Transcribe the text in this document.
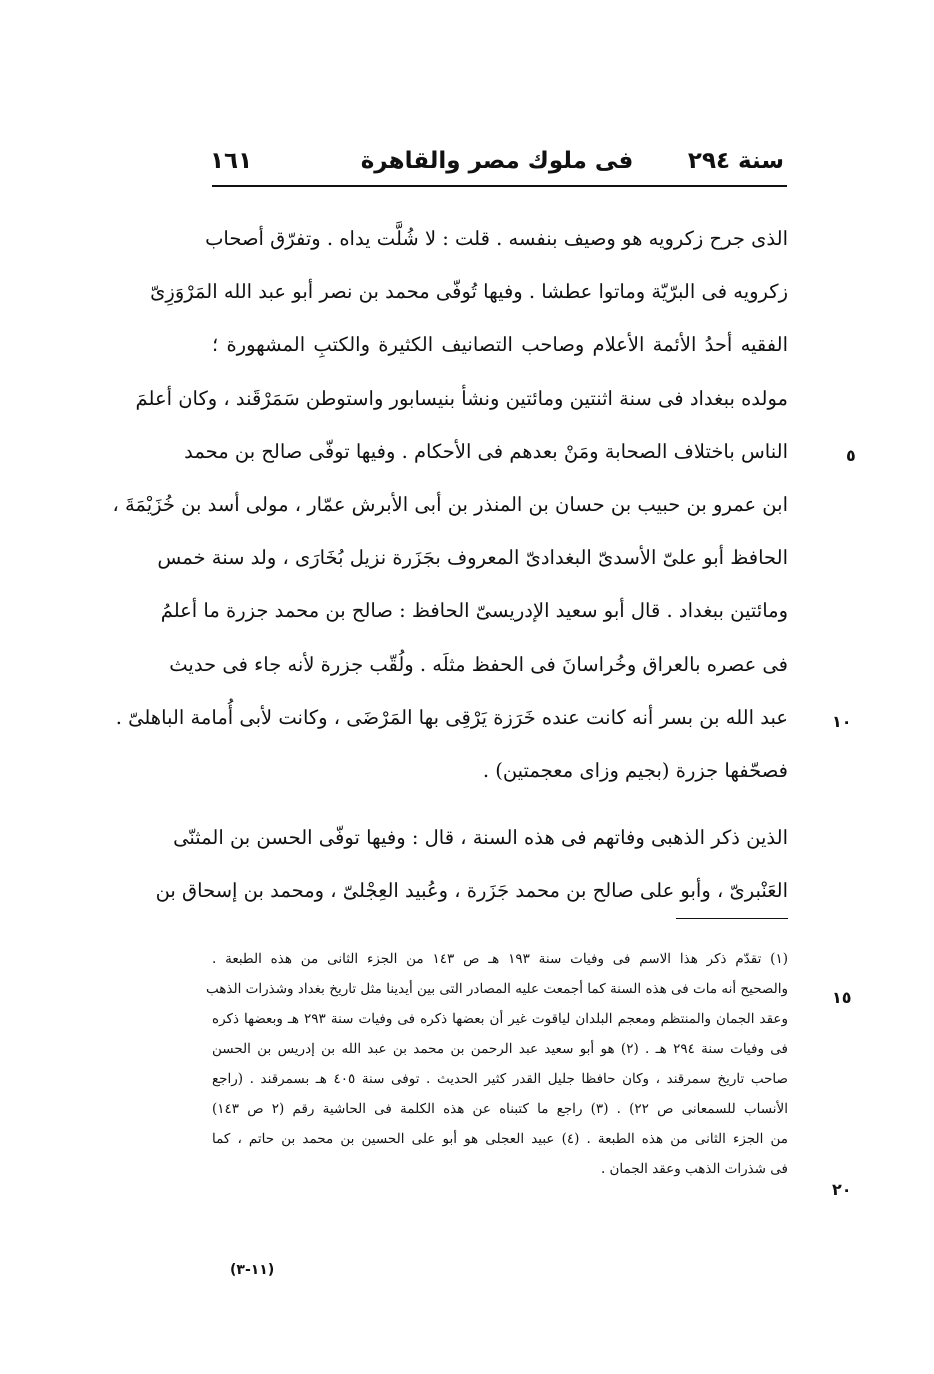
سنة ٢٩٤
فى ملوك مصر والقاهرة
١٦١
الذى جرح زكرويه هو وصيف بنفسه . قلت : لا شُلَّت يداه . وتفرّق أصحاب
زكرويه فى البرّيّة وماتوا عطشا . وفيها تُوفّى محمد بن نصر أبو عبد الله المَرْوَزِىّ
الفقيه أحدُ الأئمة الأعلام وصاحب التصانيف الكثيرة والكتبِ المشهورة ؛
مولده ببغداد فى سنة اثنتين ومائتين ونشأ بنيسابور واستوطن سَمَرْقَند ، وكان أعلمَ
الناس باختلاف الصحابة ومَنْ بعدهم فى الأحكام . وفيها توفّى صالح بن محمد
ابن عمرو بن حبيب بن حسان بن المنذر بن أبى الأبرش عمّار ، مولى أسد بن خُزَيْمَةَ ،
الحافظ أبو علىّ الأسدىّ البغدادىّ المعروف بجَزَرة نزيل بُخَارَى ، ولد سنة خمس
ومائتين ببغداد . قال أبو سعيد الإدريسىّ الحافظ : صالح بن محمد جزرة ما أعلمُ
فى عصره بالعراق وخُراسانَ فى الحفظ مثلَه . ولُقّب جزرة لأنه جاء فى حديث
عبد الله بن بسر أنه كانت عنده خَرَزة يَرْقِى بها المَرْضَى ، وكانت لأبى أُمامة الباهلىّ .
فصحّفها جزرة (بجيم وزاى معجمتين) .
الذين ذكر الذهبى وفاتهم فى هذه السنة ، قال : وفيها توفّى الحسن بن المثنّى
العَنْبرىّ ، وأبو على صالح بن محمد جَزَرة ، وعُبيد العِجْلىّ ، ومحمد بن إسحاق بن
٥
١٠
١٥
٢٠
(١) تقدّم ذكر هذا الاسم فى وفيات سنة ١٩٣ هـ ص ١٤٣ من الجزء الثانى من هذه الطبعة .
والصحيح أنه مات فى هذه السنة كما أجمعت عليه المصادر التى بين أيدينا مثل تاريخ بغداد وشذرات الذهب
وعقد الجمان والمنتظم ومعجم البلدان لياقوت غير أن بعضها ذكره فى وفيات سنة ٢٩٣ هـ وبعضها ذكره
فى وفيات سنة ٢٩٤ هـ . (٢) هو أبو سعيد عبد الرحمن بن محمد بن عبد الله بن إدريس بن الحسن
صاحب تاريخ سمرقند ، وكان حافظا جليل القدر كثير الحديث . توفى سنة ٤٠٥ هـ بسمرقند . (راجع
الأنساب للسمعانى ص ٢٢) . (٣) راجع ما كتبناه عن هذه الكلمة فى الحاشية رقم (٢ ص ١٤٣)
من الجزء الثانى من هذه الطبعة . (٤) عبيد العجلى هو أبو على الحسين بن محمد بن حاتم ، كما
فى شذرات الذهب وعقد الجمان .
(١١-٣)
